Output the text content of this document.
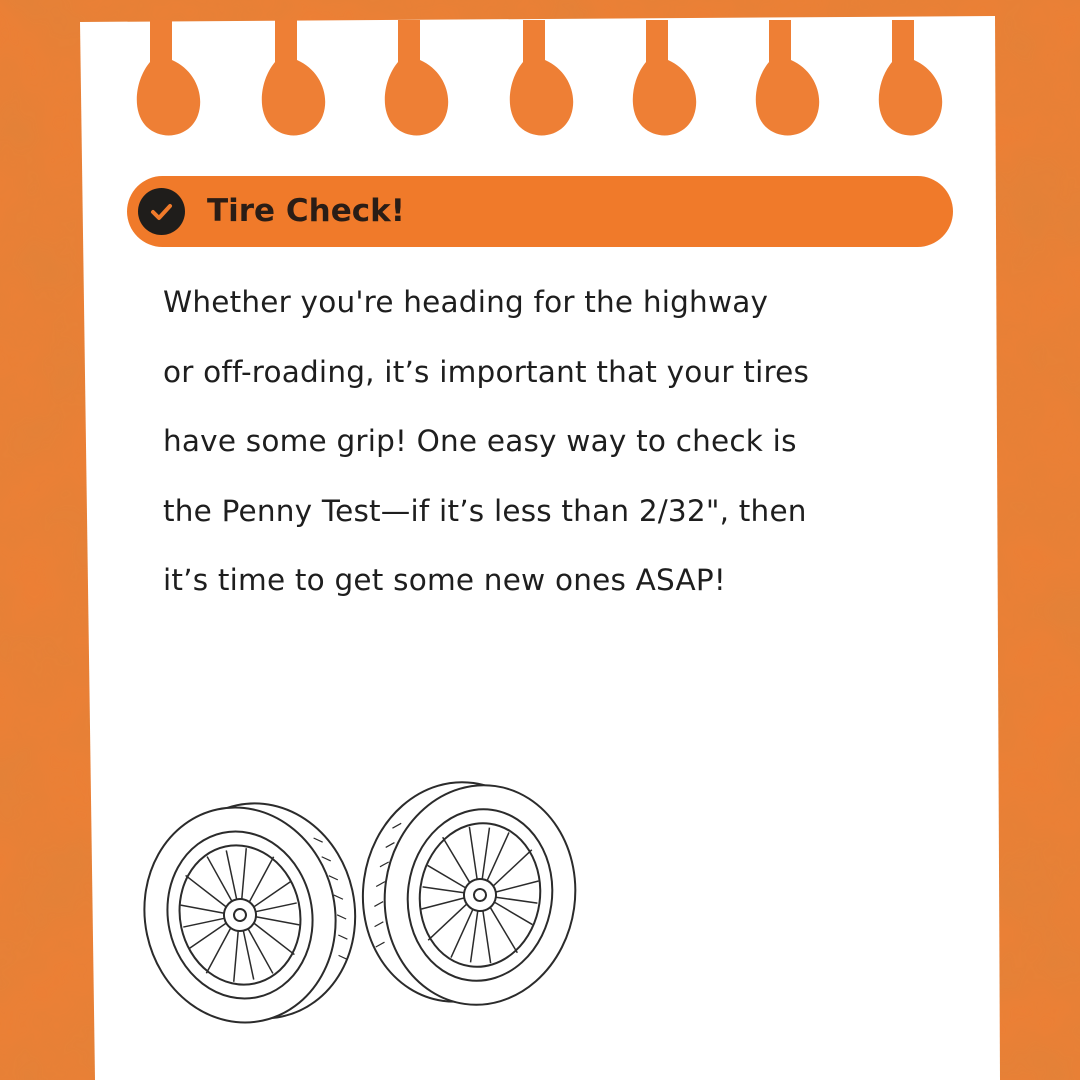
Tire Check!
Whether you're heading for the highway
or off-roading, it’s important that your tires
have some grip! One easy way to check is
the Penny Test—if it’s less than 2/32", then
it’s time to get some new ones ASAP!
